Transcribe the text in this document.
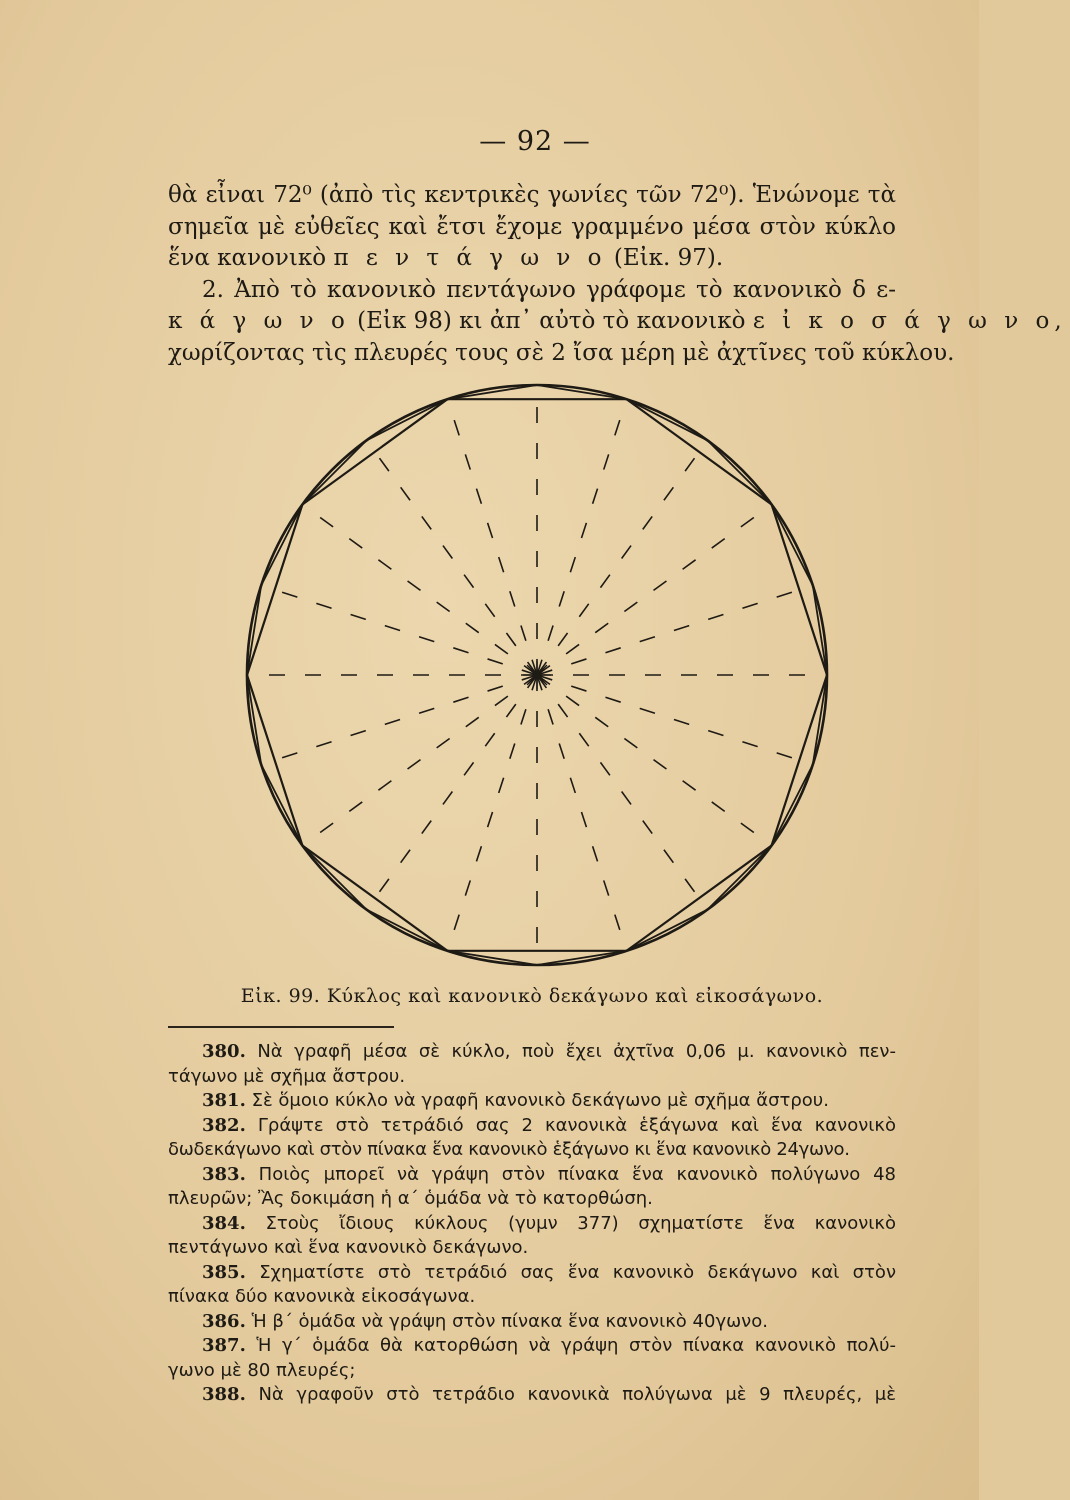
— 92 —
θὰ εἶναι 72⁰ (ἀπὸ τὶς κεντρικὲς γωνίες τῶν 72⁰). Ἑνώνομε τὰ
σημεῖα μὲ εὐθεῖες καὶ ἔτσι ἔχομε γραμμένο μέσα στὸν κύκλο
ἕνα κανονικὸ π ε ν τ ά γ ω ν ο (Εἰκ. 97).
2. Ἀπὸ τὸ κανονικὸ πεντάγωνο γράφομε τὸ κανονικὸ δ ε-
κ ά γ ω ν ο (Εἰκ 98) κι ἀπ᾿ αὐτὸ τὸ κανονικὸ ε ἰ κ ο σ ά γ ω ν ο,
χωρίζοντας τὶς πλευρές τους σὲ 2 ἴσα μέρη μὲ ἀχτῖνες τοῦ κύκλου.
Εἰκ. 99. Κύκλος καὶ κανονικὸ δεκάγωνο καὶ εἰκοσάγωνο.
380. Νὰ γραφῆ μέσα σὲ κύκλο, ποὺ ἔχει ἀχτῖνα 0,06 μ. κανονικὸ πεν-
τάγωνο μὲ σχῆμα ἄστρου.
381. Σὲ ὅμοιο κύκλο νὰ γραφῆ κανονικὸ δεκάγωνο μὲ σχῆμα ἄστρου.
382. Γράψτε στὸ τετράδιό σας 2 κανονικὰ ἑξάγωνα καὶ ἕνα κανονικὸ
δωδεκάγωνο καὶ στὸν πίνακα ἕνα κανονικὸ ἑξάγωνο κι ἕνα κανονικὸ 24γωνο.
383. Ποιὸς μπορεῖ νὰ γράψη στὸν πίνακα ἕνα κανονικὸ πολύγωνο 48
πλευρῶν; Ἂς δοκιμάση ἡ α΄ ὁμάδα νὰ τὸ κατορθώση.
384. Στοὺς ἴδιους κύκλους (γυμν 377) σχηματίστε ἕνα κανονικὸ
πεντάγωνο καὶ ἕνα κανονικὸ δεκάγωνο.
385. Σχηματίστε στὸ τετράδιό σας ἕνα κανονικὸ δεκάγωνο καὶ στὸν
πίνακα δύο κανονικὰ εἰκοσάγωνα.
386. Ἡ β΄ ὁμάδα νὰ γράψη στὸν πίνακα ἕνα κανονικὸ 40γωνο.
387. Ἡ γ΄ ὁμάδα θὰ κατορθώση νὰ γράψη στὸν πίνακα κανονικὸ πολύ-
γωνο μὲ 80 πλευρές;
388. Νὰ γραφοῦν στὸ τετράδιο κανονικὰ πολύγωνα μὲ 9 πλευρές, μὲ
